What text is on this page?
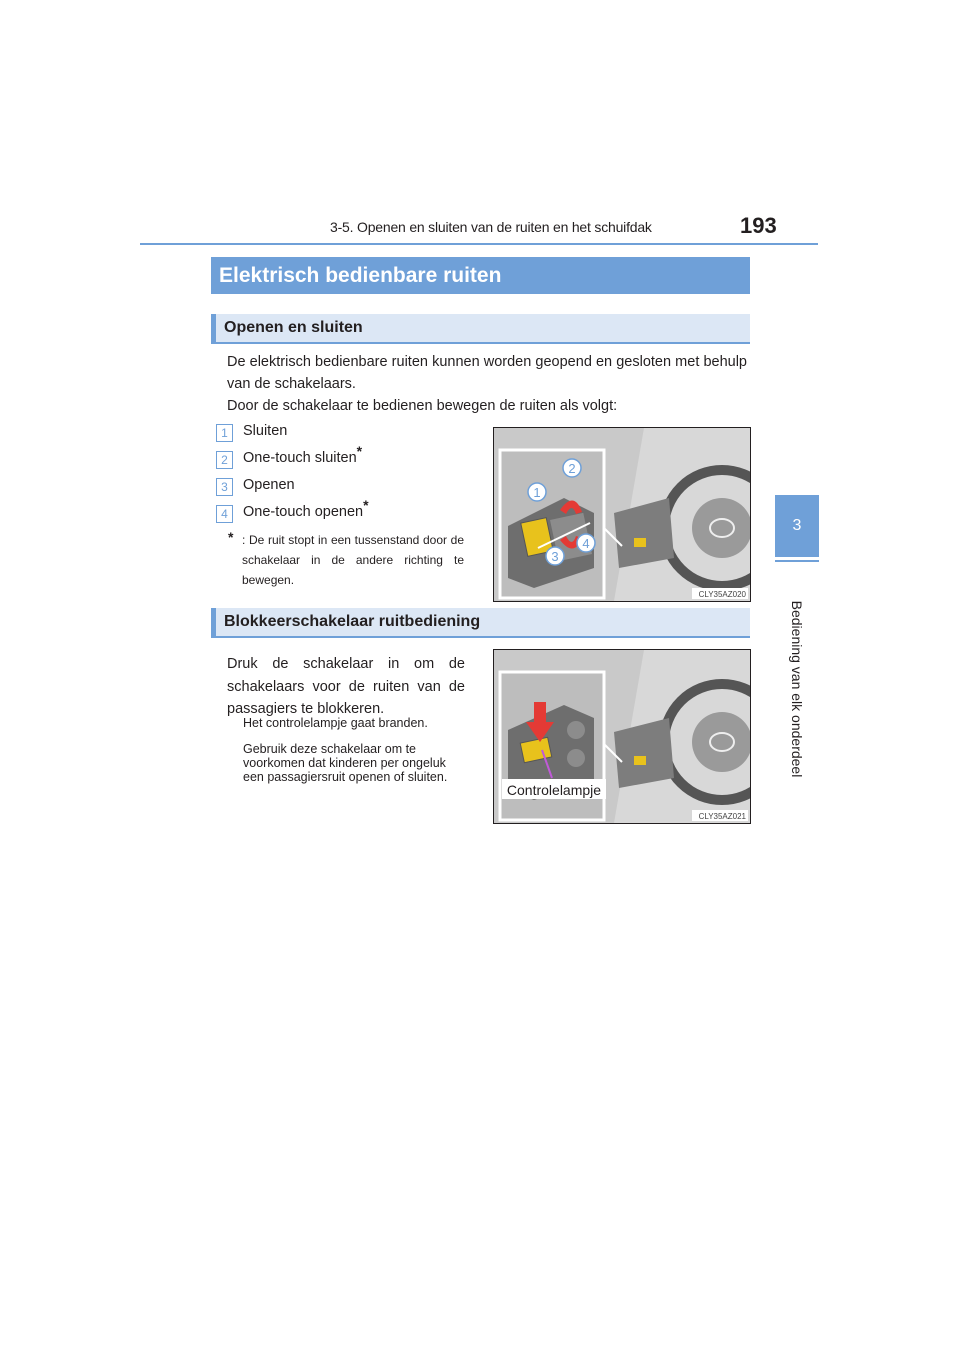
3-5. Openen en sluiten van de ruiten en het schuifdak	193
3
Bediening van elk onderdeel
Elektrisch bedienbare ruiten
Openen en sluiten
De elektrisch bedienbare ruiten kunnen worden geopend en gesloten met behulp van de schakelaars.
Door de schakelaar te bedienen bewegen de ruiten als volgt:
1	Sluiten
2	One-touch sluiten*
3	Openen
4	One-touch openen*
* : De ruit stopt in een tussenstand door de schakelaar in de andere richting te bewegen.
2
1
3
4
CLY35AZ020
Blokkeerschakelaar ruitbediening
Druk de schakelaar in om de schakelaars voor de ruiten van de passagiers te blokkeren.
Het controlelampje gaat branden.
Gebruik deze schakelaar om te voorkomen dat kinderen per ongeluk een passagiersruit openen of sluiten.
Controlelampje
CLY35AZ021
